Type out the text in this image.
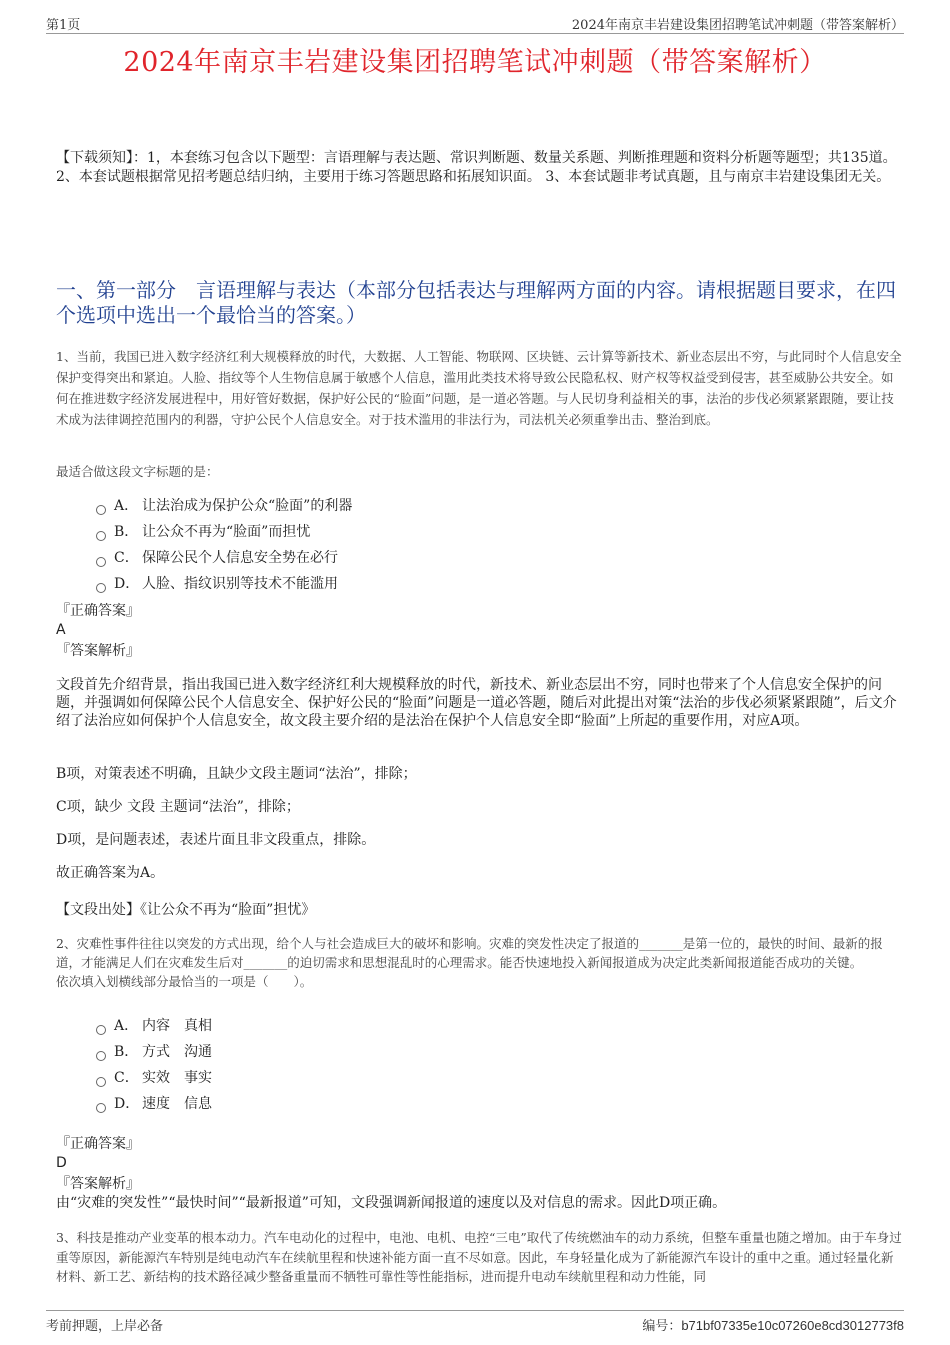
第1页	2024年南京丰岩建设集团招聘笔试冲刺题（带答案解析）
2024年南京丰岩建设集团招聘笔试冲刺题（带答案解析）
【下载须知】：1，本套练习包含以下题型：言语理解与表达题、常识判断题、数量关系题、判断推理题和资料分析题等题型；共135道。 2、本套试题根据常见招考题总结归纳，主要用于练习答题思路和拓展知识面。 3、本套试题非考试真题，且与南京丰岩建设集团无关。
一、第一部分　言语理解与表达（本部分包括表达与理解两方面的内容。请根据题目要求，在四个选项中选出一个最恰当的答案。）
1、当前，我国已进入数字经济红利大规模释放的时代，大数据、人工智能、物联网、区块链、云计算等新技术、新业态层出不穷，与此同时个人信息安全保护变得突出和紧迫。人脸、指纹等个人生物信息属于敏感个人信息，滥用此类技术将导致公民隐私权、财产权等权益受到侵害，甚至威胁公共安全。如何在推进数字经济发展进程中，用好管好数据，保护好公民的“脸面”问题，是一道必答题。与人民切身利益相关的事，法治的步伐必须紧紧跟随，要让技术成为法律调控范围内的利器，守护公民个人信息安全。对于技术滥用的非法行为，司法机关必须重拳出击、整治到底。
最适合做这段文字标题的是：
A． 让法治成为保护公众“脸面”的利器
B． 让公众不再为“脸面”而担忧
C． 保障公民个人信息安全势在必行
D． 人脸、指纹识别等技术不能滥用
『正确答案』
A
『答案解析』
文段首先介绍背景，指出我国已进入数字经济红利大规模释放的时代，新技术、新业态层出不穷，同时也带来了个人信息安全保护的问题，并强调如何保障公民个人信息安全、保护好公民的“脸面”问题是一道必答题，随后对此提出对策“法治的步伐必须紧紧跟随”，后文介绍了法治应如何保护个人信息安全，故文段主要介绍的是法治在保护个人信息安全即“脸面”上所起的重要作用，对应A项。
B项，对策表述不明确，且缺少文段主题词“法治”，排除；
C项，缺少 文段 主题词“法治”，排除；
D项，是问题表述，表述片面且非文段重点，排除。
故正确答案为A。
【文段出处】《让公众不再为“脸面”担忧》
2、灾难性事件往往以突发的方式出现，给个人与社会造成巨大的破坏和影响。灾难的突发性决定了报道的_______是第一位的，最快的时间、最新的报道，才能满足人们在灾难发生后对_______的迫切需求和思想混乱时的心理需求。能否快速地投入新闻报道成为决定此类新闻报道能否成功的关键。
依次填入划横线部分最恰当的一项是（　　）。
A． 内容　真相
B． 方式　沟通
C． 实效　事实
D． 速度　信息
『正确答案』
D
『答案解析』
由“灾难的突发性”“最快时间”“最新报道”可知，文段强调新闻报道的速度以及对信息的需求。因此D项正确。
3、科技是推动产业变革的根本动力。汽车电动化的过程中，电池、电机、电控“三电”取代了传统燃油车的动力系统，但整车重量也随之增加。由于车身过重等原因，新能源汽车特别是纯电动汽车在续航里程和快速补能方面一直不尽如意。因此，车身轻量化成为了新能源汽车设计的重中之重。通过轻量化新材料、新工艺、新结构的技术路径减少整备重量而不牺牲可靠性等性能指标，进而提升电动车续航里程和动力性能，同
考前押题，上岸必备	编号：b71bf07335e10c07260e8cd3012773f8
